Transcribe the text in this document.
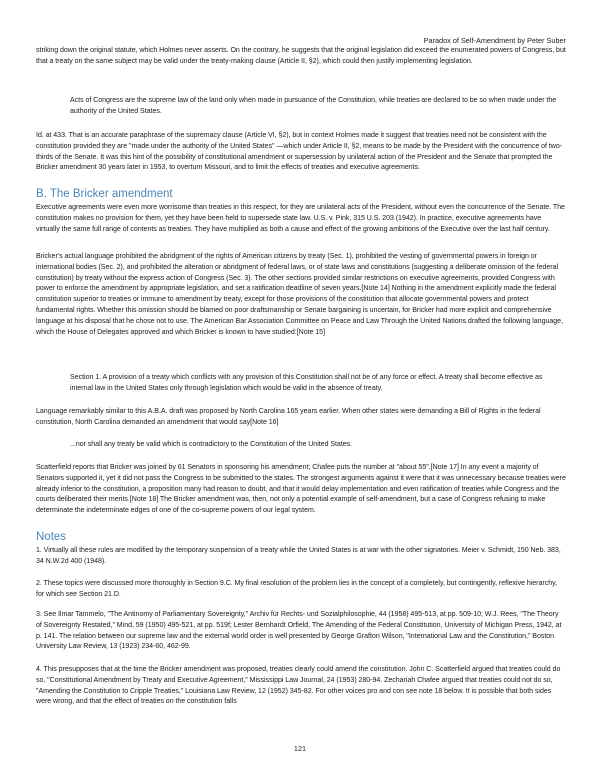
Paradox of Self-Amendment by Peter Suber

striking down the original statute, which Holmes never asserts. On the contrary, he suggests that the original legislation did exceed the enumerated powers of Congress, but that a treaty on the same subject may be valid under the treaty-making clause (Article II, §2), which could then justify implementing legislation.

Acts of Congress are the supreme law of the land only when made in pursuance of the Constitution, while treaties are declared to be so when made under the authority of the United States.

Id. at 433. That is an accurate paraphrase of the supremacy clause (Article VI, §2), but in context Holmes made it suggest that treaties need not be consistent with the constitution provided they are "made under the authority of the United States" —which under Article II, §2, means to be made by the President with the concurrence of two-thirds of the Senate. It was this hint of the possibility of constitutional amendment or supersession by unilateral action of the President and the Senate that prompted the Bricker amendment 30 years later in 1953, to overturn Missouri, and to limit the effects of treaties and executive agreements.

B. The Bricker amendment

Executive agreements were even more worrisome than treaties in this respect, for they are unilateral acts of the President, without even the concurrence of the Senate. The constitution makes no provision for them, yet they have been held to supersede state law. U.S. v. Pink, 315 U.S. 203 (1942). In practice, executive agreements have virtually the same full range of contents as treaties. They have multiplied as both a cause and effect of the growing ambitions of the Executive over the last half century.

Bricker's actual language prohibited the abridgment of the rights of American citizens by treaty (Sec. 1), prohibited the vesting of governmental powers in foreign or international bodies (Sec. 2), and prohibited the alteration or abridgment of federal laws, or of state laws and constitutions (suggesting a deliberate omission of the federal constitution) by treaty without the express action of Congress (Sec. 3). The other sections provided similar restrictions on executive agreements, provided Congress with power to enforce the amendment by appropriate legislation, and set a ratification deadline of seven years.[Note 14] Nothing in the amendment explicitly made the federal constitution superior to treaties or immune to amendment by treaty, except for those provisions of the constitution that allocate governmental powers and protect fundamental rights. Whether this omission should be blamed on poor draftsmanship or Senate bargaining is uncertain, for Bricker had more explicit and comprehensive language at his disposal that he chose not to use. The American Bar Association Committee on Peace and Law Through the United Nations drafted the following language, which the House of Delegates approved and which Bricker is known to have studied:[Note 15]

Section 1. A provision of a treaty which conflicts with any provision of this Constitution shall not be of any force or effect. A treaty shall become effective as internal law in the United States only through legislation which would be valid in the absence of treaty.

Language remarkably similar to this A.B.A. draft was proposed by North Carolina 165 years earlier. When other states were demanding a Bill of Rights in the federal constitution, North Carolina demanded an amendment that would say[Note 16]

...nor shall any treaty be valid which is contradictory to the Constitution of the United States.

Scatterfield reports that Bricker was joined by 61 Senators in sponsoring his amendment; Chafee puts the number at "about 55".[Note 17] In any event a majority of Senators supported it, yet it did not pass the Congress to be submitted to the states. The strongest arguments against it were that it was unnecessary because treaties were already inferior to the constitution, a proposition many had reason to doubt, and that it would delay implementation and even ratification of treaties while Congress and the courts deliberated their merits.[Note 18] The Bricker amendment was, then, not only a potential example of self-amendment, but a case of Congress refusing to make determinate the indeterminate edges of one of the co-supreme powers of our legal system.

Notes

1. Virtually all these rules are modified by the temporary suspension of a treaty while the United States is at war with the other signatories. Meier v. Schmidt, 150 Neb. 383, 34 N.W.2d 400 (1948).

2. These topics were discussed more thoroughly in Section 9.C. My final resolution of the problem lies in the concept of a completely, but contingently, reflexive hierarchy, for which see Section 21.D.

3. See Ilmar Tammelo, "The Antinomy of Parliamentary Sovereignty," Archiv für Rechts- und Sozialphilosophie, 44 (1958) 495-513, at pp. 509-10; W.J. Rees, "The Theory of Sovereignty Restated," Mind, 59 (1950) 495-521, at pp. 519f; Lester Bernhardt Orfield, The Amending of the Federal Constitution, University of Michigan Press, 1942, at p. 141. The relation between our supreme law and the external world order is well presented by George Grafton Wilson, "International Law and the Constitution," Boston University Law Review, 13 (1923) 234-60, 462-99.

4. This presupposes that at the time the Bricker amendment was proposed, treaties clearly could amend the constitution. John C. Scatterfield argued that treaties could do so, "Constitutional Amendment by Treaty and Executive Agreement," Mississippi Law Journal, 24 (1953) 280-94. Zechariah Chafee argued that treaties could not do so, "Amending the Constitution to Cripple Treaties," Louisiana Law Review, 12 (1952) 345-82. For other voices pro and con see note 18 below. It is possible that both sides were wrong, and that the effect of treaties on the constitution falls

121
